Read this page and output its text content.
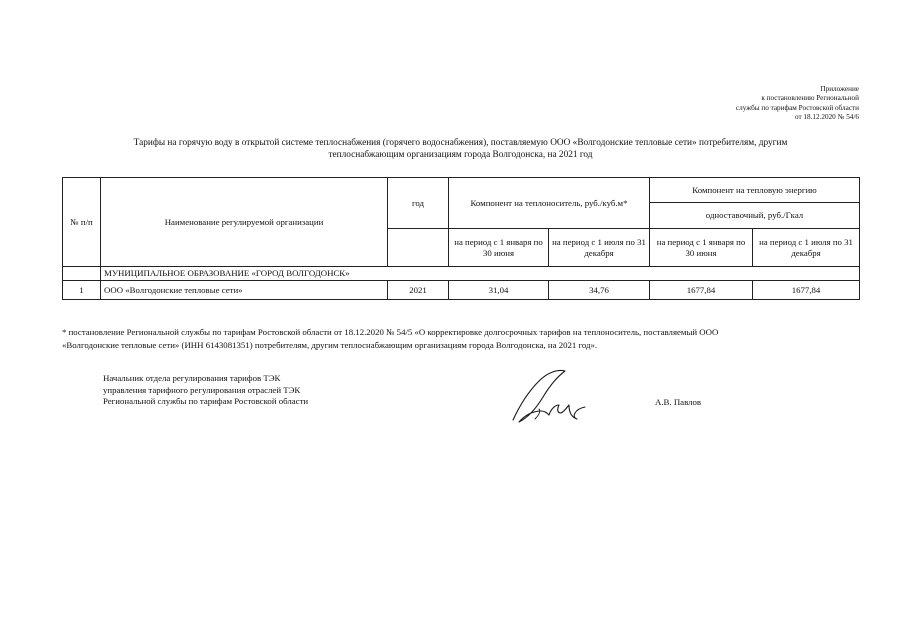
Приложение
к постановлению Региональной
службы по тарифам Ростовской области
от 18.12.2020 № 54/6
Тарифы на горячую воду в открытой системе теплоснабжения (горячего водоснабжения), поставляемую ООО «Волгодонские тепловые сети» потребителям, другим
теплоснабжающим организациям города Волгодонска, на 2021 год
№ п/п	Наименование регулируемой организации	год	Компонент на теплоноситель, руб./куб.м*		Компонент на тепловую энергию	
					одноставочный, руб./Гкал	
			на период с 1 января по 30 июня	на период с 1 июля по 31 декабря	на период с 1 января по 30 июня	на период с 1 июля по 31 декабря
	МУНИЦИПАЛЬНОЕ ОБРАЗОВАНИЕ «ГОРОД ВОЛГОДОНСК»					
1	ООО «Волгодонские тепловые сети»	2021	31,04	34,76	1677,84	1677,84

* постановление Региональной службы по тарифам Ростовской области от 18.12.2020 № 54/5 «О корректировке долгосрочных тарифов на теплоноситель, поставляемый ООО

«Волгодонские тепловые сети» (ИНН 6143081351) потребителям, другим теплоснабжающим организациям города Волгодонска, на 2021 год».

Начальник отдела регулирования тарифов ТЭК
управления тарифного регулирования отраслей ТЭК
Региональной службы по тарифам Ростовской области	А.В. Павлов
